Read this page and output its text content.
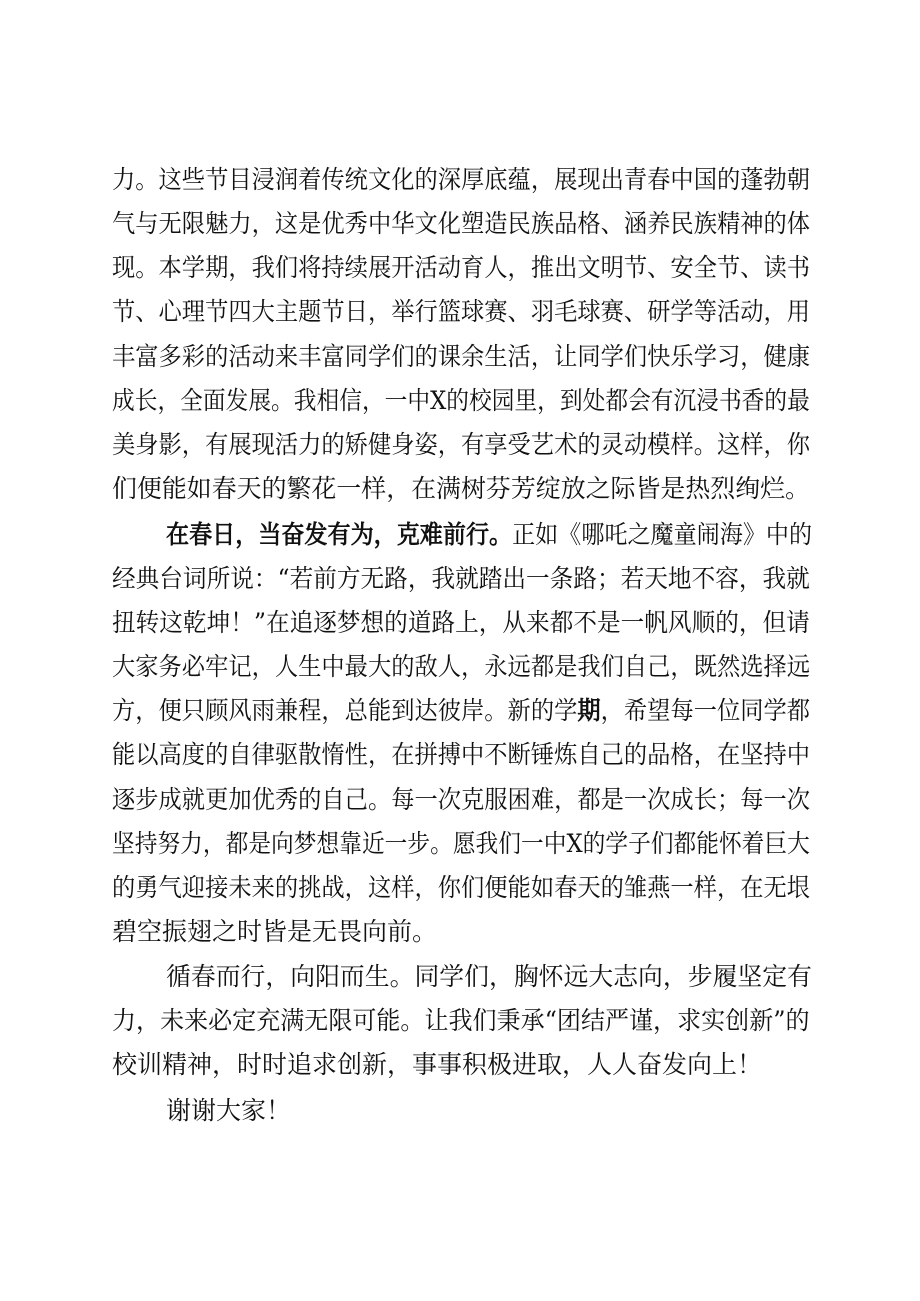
力。这些节目浸润着传统文化的深厚底蕴，展现出青春中国的蓬勃朝
气与无限魅力，这是优秀中华文化塑造民族品格、涵养民族精神的体
现。本学期，我们将持续展开活动育人，推出文明节、安全节、读书
节、心理节四大主题节日，举行篮球赛、羽毛球赛、研学等活动，用
丰富多彩的活动来丰富同学们的课余生活，让同学们快乐学习，健康
成长，全面发展。我相信，一中X的校园里，到处都会有沉浸书香的最
美身影，有展现活力的矫健身姿，有享受艺术的灵动模样。这样，你
们便能如春天的繁花一样，在满树芬芳绽放之际皆是热烈绚烂。
在春日，当奋发有为，克难前行。正如《哪吒之魔童闹海》中的
经典台词所说：“若前方无路，我就踏出一条路；若天地不容，我就
扭转这乾坤！”在追逐梦想的道路上，从来都不是一帆风顺的，但请
大家务必牢记，人生中最大的敌人，永远都是我们自己，既然选择远
方，便只顾风雨兼程，总能到达彼岸。新的学期，希望每一位同学都
能以高度的自律驱散惰性，在拼搏中不断锤炼自己的品格，在坚持中
逐步成就更加优秀的自己。每一次克服困难，都是一次成长；每一次
坚持努力，都是向梦想靠近一步。愿我们一中X的学子们都能怀着巨大
的勇气迎接未来的挑战，这样，你们便能如春天的雏燕一样，在无垠
碧空振翅之时皆是无畏向前。
循春而行，向阳而生。同学们，胸怀远大志向，步履坚定有
力，未来必定充满无限可能。让我们秉承“团结严谨，求实创新”的
校训精神，时时追求创新，事事积极进取，人人奋发向上！
谢谢大家！
